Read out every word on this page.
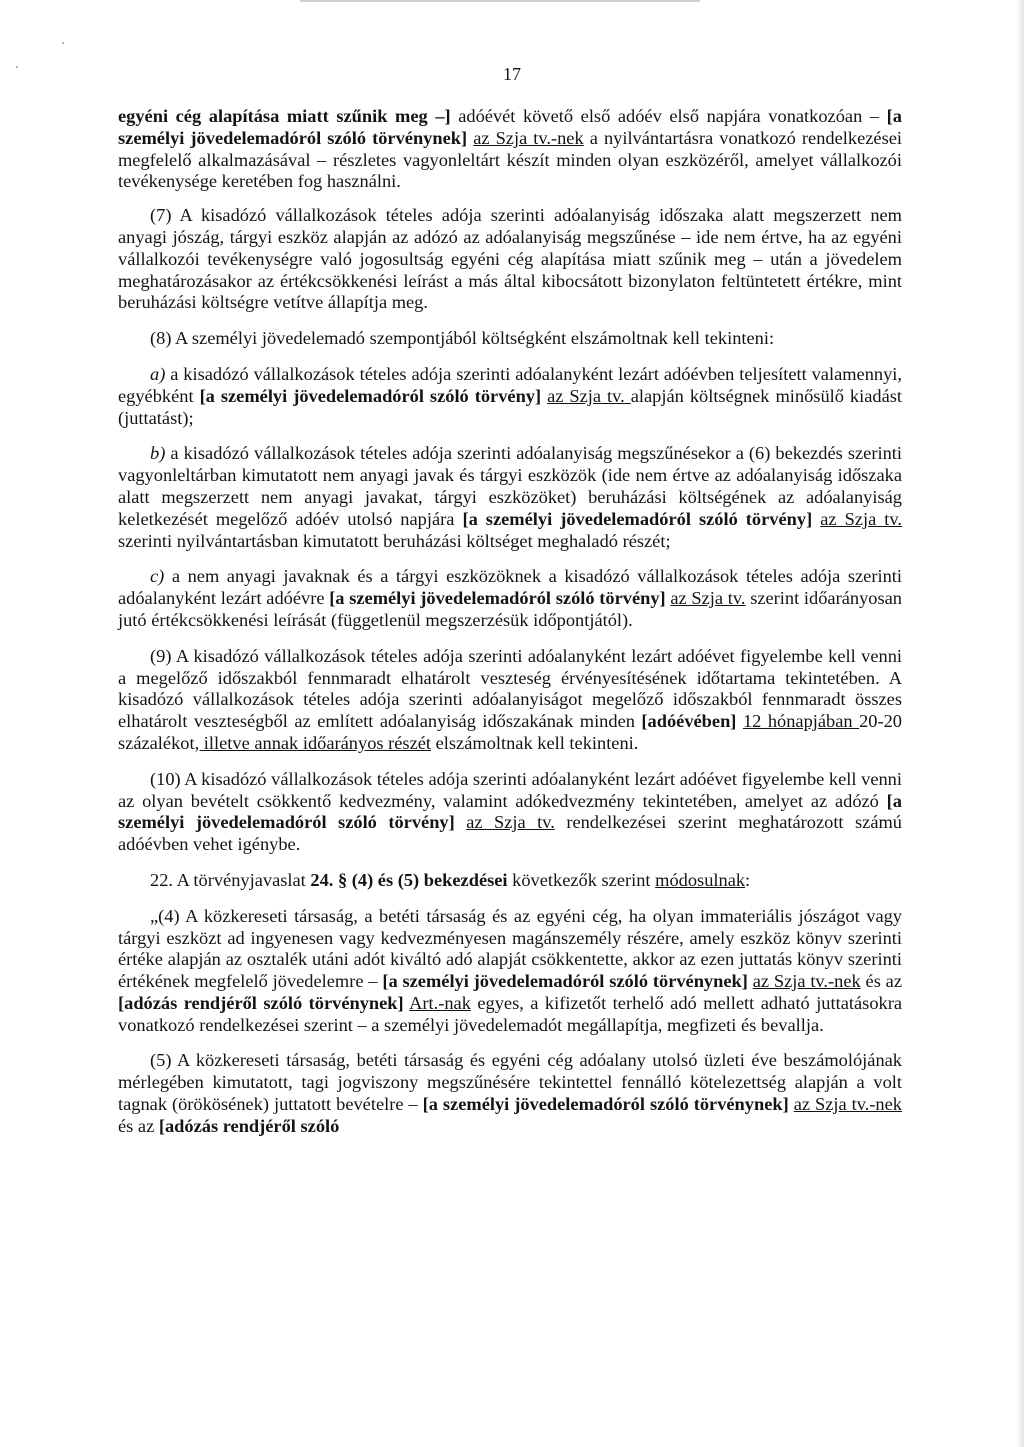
17

egyéni cég alapítása miatt szűnik meg –] adóévét követő első adóév első napjára vonatkozóan – [a személyi jövedelemadóról szóló törvénynek] az Szja tv.-nek a nyilvántartásra vonatkozó rendelkezései megfelelő alkalmazásával – részletes vagyonleltárt készít minden olyan eszközéről, amelyet vállalkozói tevékenysége keretében fog használni.

(7) A kisadózó vállalkozások tételes adója szerinti adóalanyiság időszaka alatt megszerzett nem anyagi jószág, tárgyi eszköz alapján az adózó az adóalanyiság megszűnése – ide nem értve, ha az egyéni vállalkozói tevékenységre való jogosultság egyéni cég alapítása miatt szűnik meg – után a jövedelem meghatározásakor az értékcsökkenési leírást a más által kibocsátott bizonylaton feltüntetett értékre, mint beruházási költségre vetítve állapítja meg.

(8) A személyi jövedelemadó szempontjából költségként elszámoltnak kell tekinteni:

a) a kisadózó vállalkozások tételes adója szerinti adóalanyként lezárt adóévben teljesített valamennyi, egyébként [a személyi jövedelemadóról szóló törvény] az Szja tv. alapján költségnek minősülő kiadást (juttatást);

b) a kisadózó vállalkozások tételes adója szerinti adóalanyiság megszűnésekor a (6) bekezdés szerinti vagyonleltárban kimutatott nem anyagi javak és tárgyi eszközök (ide nem értve az adóalanyiság időszaka alatt megszerzett nem anyagi javakat, tárgyi eszközöket) beruházási költségének az adóalanyiság keletkezését megelőző adóév utolsó napjára [a személyi jövedelemadóról szóló törvény] az Szja tv. szerinti nyilvántartásban kimutatott beruházási költséget meghaladó részét;

c) a nem anyagi javaknak és a tárgyi eszközöknek a kisadózó vállalkozások tételes adója szerinti adóalanyként lezárt adóévre [a személyi jövedelemadóról szóló törvény] az Szja tv. szerint időarányosan jutó értékcsökkenési leírását (függetlenül megszerzésük időpontjától).

(9) A kisadózó vállalkozások tételes adója szerinti adóalanyként lezárt adóévet figyelembe kell venni a megelőző időszakból fennmaradt elhatárolt veszteség érvényesítésének időtartama tekintetében. A kisadózó vállalkozások tételes adója szerinti adóalanyiságot megelőző időszakból fennmaradt összes elhatárolt veszteségből az említett adóalanyiság időszakának minden [adóévében] 12 hónapjában 20-20 százalékot, illetve annak időarányos részét elszámoltnak kell tekinteni.

(10) A kisadózó vállalkozások tételes adója szerinti adóalanyként lezárt adóévet figyelembe kell venni az olyan bevételt csökkentő kedvezmény, valamint adókedvezmény tekintetében, amelyet az adózó [a személyi jövedelemadóról szóló törvény] az Szja tv. rendelkezései szerint meghatározott számú adóévben vehet igénybe.

22. A törvényjavaslat 24. § (4) és (5) bekezdései következők szerint módosulnak:

„(4) A közkereseti társaság, a betéti társaság és az egyéni cég, ha olyan immateriális jószágot vagy tárgyi eszközt ad ingyenesen vagy kedvezményesen magánszemély részére, amely eszköz könyv szerinti értéke alapján az osztalék utáni adót kiváltó adó alapját csökkentette, akkor az ezen juttatás könyv szerinti értékének megfelelő jövedelemre – [a személyi jövedelemadóról szóló törvénynek] az Szja tv.-nek és az [adózás rendjéről szóló törvénynek] Art.-nak egyes, a kifizetőt terhelő adó mellett adható juttatásokra vonatkozó rendelkezései szerint – a személyi jövedelemadót megállapítja, megfizeti és bevallja.

(5) A közkereseti társaság, betéti társaság és egyéni cég adóalany utolsó üzleti éve beszámolójának mérlegében kimutatott, tagi jogviszony megszűnésére tekintettel fennálló kötelezettség alapján a volt tagnak (örökösének) juttatott bevételre – [a személyi jövedelemadóról szóló törvénynek] az Szja tv.-nek és az [adózás rendjéről szóló
